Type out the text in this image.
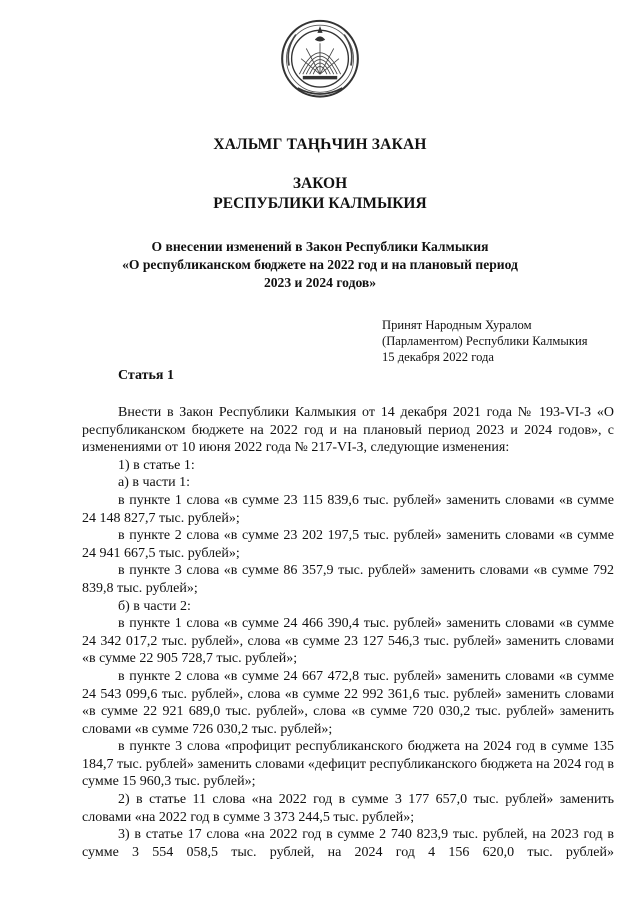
ХАЛЬМГ ТАҢҺЧИН ЗАКАН
ЗАКОН
РЕСПУБЛИКИ КАЛМЫКИЯ
О внесении изменений в Закон Республики Калмыкия
«О республиканском бюджете на 2022 год и на плановый период
2023 и 2024 годов»
Принят Народным Хуралом
(Парламентом) Республики Калмыкия
15 декабря 2022 года
Статья 1

Внести в Закон Республики Калмыкия от 14 декабря 2021 года № 193-VI-З «О республиканском бюджете на 2022 год и на плановый период 2023 и 2024 годов», с изменениями от 10 июня 2022 года № 217-VI-З, следующие изменения:

1) в статье 1:

а) в части 1:

в пункте 1 слова «в сумме 23 115 839,6 тыс. рублей» заменить словами «в сумме 24 148 827,7 тыс. рублей»;

в пункте 2 слова «в сумме 23 202 197,5 тыс. рублей» заменить словами «в сумме 24 941 667,5 тыс. рублей»;

в пункте 3 слова «в сумме 86 357,9 тыс. рублей» заменить словами «в сумме 792 839,8 тыс. рублей»;

б) в части 2:

в пункте 1 слова «в сумме 24 466 390,4 тыс. рублей» заменить словами «в сумме 24 342 017,2 тыс. рублей», слова «в сумме 23 127 546,3 тыс. рублей» заменить словами «в сумме 22 905 728,7 тыс. рублей»;

в пункте 2 слова «в сумме 24 667 472,8 тыс. рублей» заменить словами «в сумме 24 543 099,6 тыс. рублей», слова «в сумме 22 992 361,6 тыс. рублей» заменить словами «в сумме 22 921 689,0 тыс. рублей», слова «в сумме 720 030,2 тыс. рублей» заменить словами «в сумме 726 030,2 тыс. рублей»;

в пункте 3 слова «профицит республиканского бюджета на 2024 год в сумме 135 184,7 тыс. рублей» заменить словами «дефицит республиканского бюджета на 2024 год в сумме 15 960,3 тыс. рублей»;

2) в статье 11 слова «на 2022 год в сумме 3 177 657,0 тыс. рублей» заменить словами «на 2022 год в сумме 3 373 244,5 тыс. рублей»;

3) в статье 17 слова «на 2022 год в сумме 2 740 823,9 тыс. рублей, на 2023 год в сумме 3 554 058,5 тыс. рублей, на 2024 год 4 156 620,0 тыс. рублей»
